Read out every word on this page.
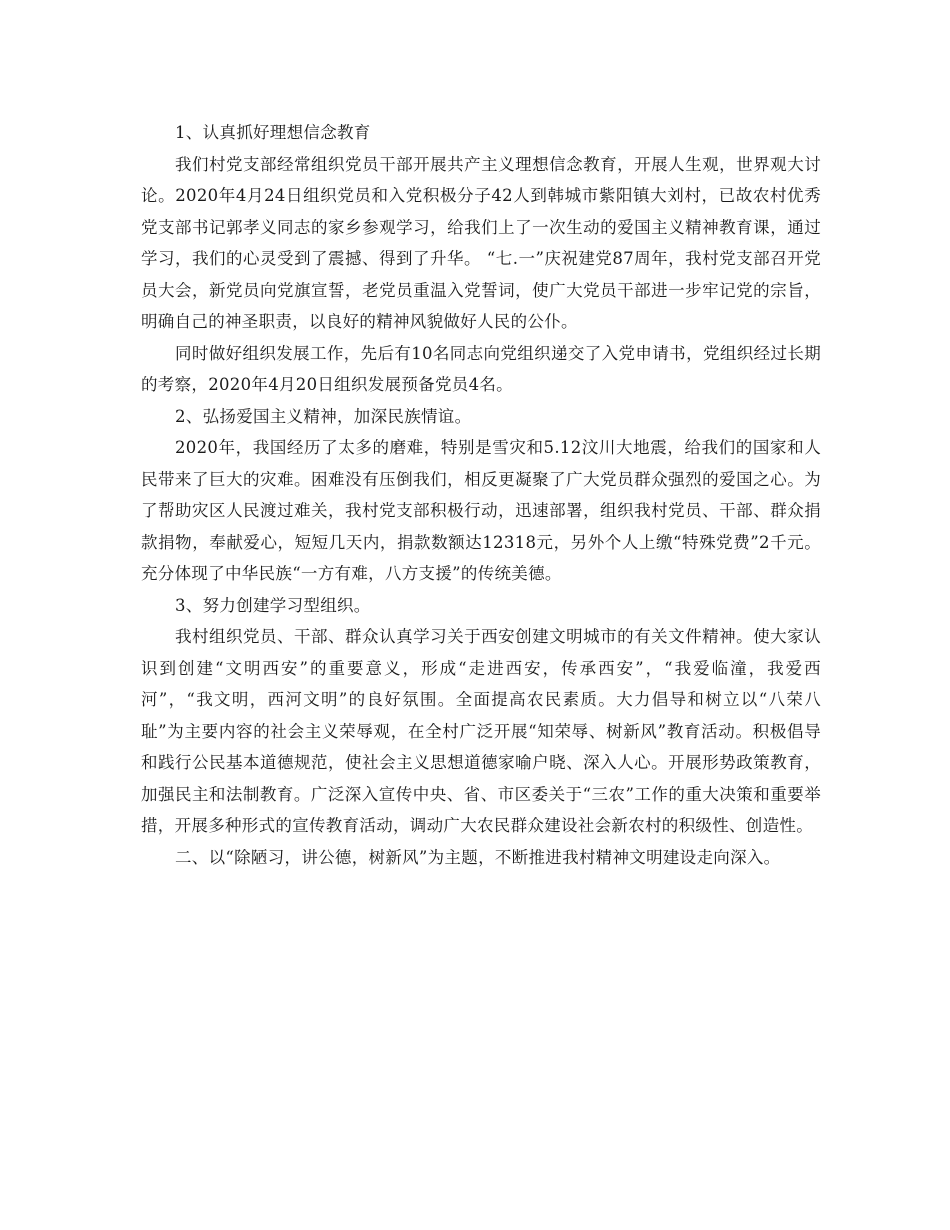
1、认真抓好理想信念教育

我们村党支部经常组织党员干部开展共产主义理想信念教育，开展人生观，世界观大讨论。2020年4月24日组织党员和入党积极分子42人到韩城市紫阳镇大刘村，已故农村优秀党支部书记郭孝义同志的家乡参观学习，给我们上了一次生动的爱国主义精神教育课，通过学习，我们的心灵受到了震撼、得到了升华。 “七.一”庆祝建党87周年，我村党支部召开党员大会，新党员向党旗宣誓，老党员重温入党誓词，使广大党员干部进一步牢记党的宗旨，明确自己的神圣职责，以良好的精神风貌做好人民的公仆。

同时做好组织发展工作，先后有10名同志向党组织递交了入党申请书，党组织经过长期的考察，2020年4月20日组织发展预备党员4名。

2、弘扬爱国主义精神，加深民族情谊。

2020年，我国经历了太多的磨难，特别是雪灾和5.12汶川大地震，给我们的国家和人民带来了巨大的灾难。困难没有压倒我们，相反更凝聚了广大党员群众强烈的爱国之心。为了帮助灾区人民渡过难关，我村党支部积极行动，迅速部署，组织我村党员、干部、群众捐款捐物，奉献爱心，短短几天内，捐款数额达12318元，另外个人上缴“特殊党费”2千元。充分体现了中华民族“一方有难，八方支援”的传统美德。

3、努力创建学习型组织。

我村组织党员、干部、群众认真学习关于西安创建文明城市的有关文件精神。使大家认识到创建“文明西安”的重要意义，形成“走进西安，传承西安”，“我爱临潼，我爱西河”，“我文明，西河文明”的良好氛围。全面提高农民素质。大力倡导和树立以“八荣八耻”为主要内容的社会主义荣辱观，在全村广泛开展“知荣辱、树新风”教育活动。积极倡导和践行公民基本道德规范，使社会主义思想道德家喻户晓、深入人心。开展形势政策教育，加强民主和法制教育。广泛深入宣传中央、省、市区委关于“三农”工作的重大决策和重要举措，开展多种形式的宣传教育活动，调动广大农民群众建设社会新农村的积级性、创造性。

二、以“除陋习，讲公德，树新风”为主题，不断推进我村精神文明建设走向深入。
